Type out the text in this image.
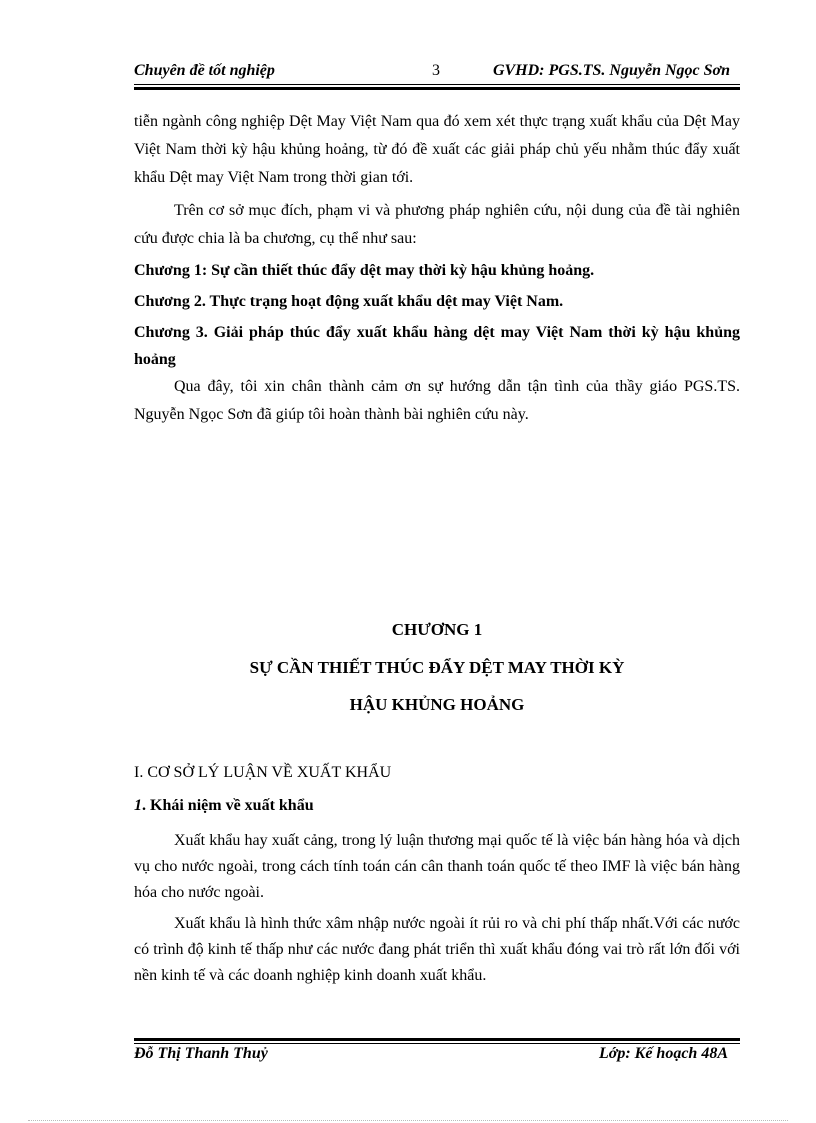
Chuyên đề tốt nghiệp	3	GVHD: PGS.TS. Nguyễn Ngọc Sơn

tiễn ngành công nghiệp Dệt May Việt Nam qua đó xem xét thực trạng xuất khẩu của Dệt May Việt Nam thời kỳ hậu khủng hoảng, từ đó đề xuất các giải pháp chủ yếu nhằm thúc đẩy xuất khẩu Dệt may Việt Nam trong thời gian tới.

Trên cơ sở mục đích, phạm vi và phương pháp nghiên cứu, nội dung của đề tài nghiên cứu được chia là ba chương, cụ thể như sau:

Chương 1: Sự cần thiết thúc đẩy dệt may thời kỳ hậu khủng hoảng.

Chương 2. Thực trạng hoạt động xuất khẩu dệt may Việt Nam.

Chương 3. Giải pháp thúc đẩy xuất khẩu hàng dệt may Việt Nam thời kỳ hậu khủng hoảng

Qua đây, tôi xin chân thành cảm ơn sự hướng dẫn tận tình của thầy giáo PGS.TS. Nguyễn Ngọc Sơn đã giúp tôi hoàn thành bài nghiên cứu này.

CHƯƠNG 1
SỰ CẦN THIẾT THÚC ĐẨY DỆT MAY THỜI KỲ
HẬU KHỦNG HOẢNG
I. CƠ SỞ LÝ LUẬN VỀ XUẤT KHẨU
1. Khái niệm về xuất khẩu

Xuất khẩu hay xuất cảng, trong lý luận thương mại quốc tế là việc bán hàng hóa và dịch vụ cho nước ngoài, trong cách tính toán cán cân thanh toán quốc tế theo IMF là việc bán hàng hóa cho nước ngoài.

Xuất khẩu là hình thức xâm nhập nước ngoài ít rủi ro và chi phí thấp nhất.Với các nước có trình độ kinh tế thấp như các nước đang phát triển thì xuất khẩu đóng vai trò rất lớn đối với nền kinh tế và các doanh nghiệp kinh doanh xuất khẩu.

Đỗ Thị Thanh Thuỷ	Lớp: Kế hoạch 48A
